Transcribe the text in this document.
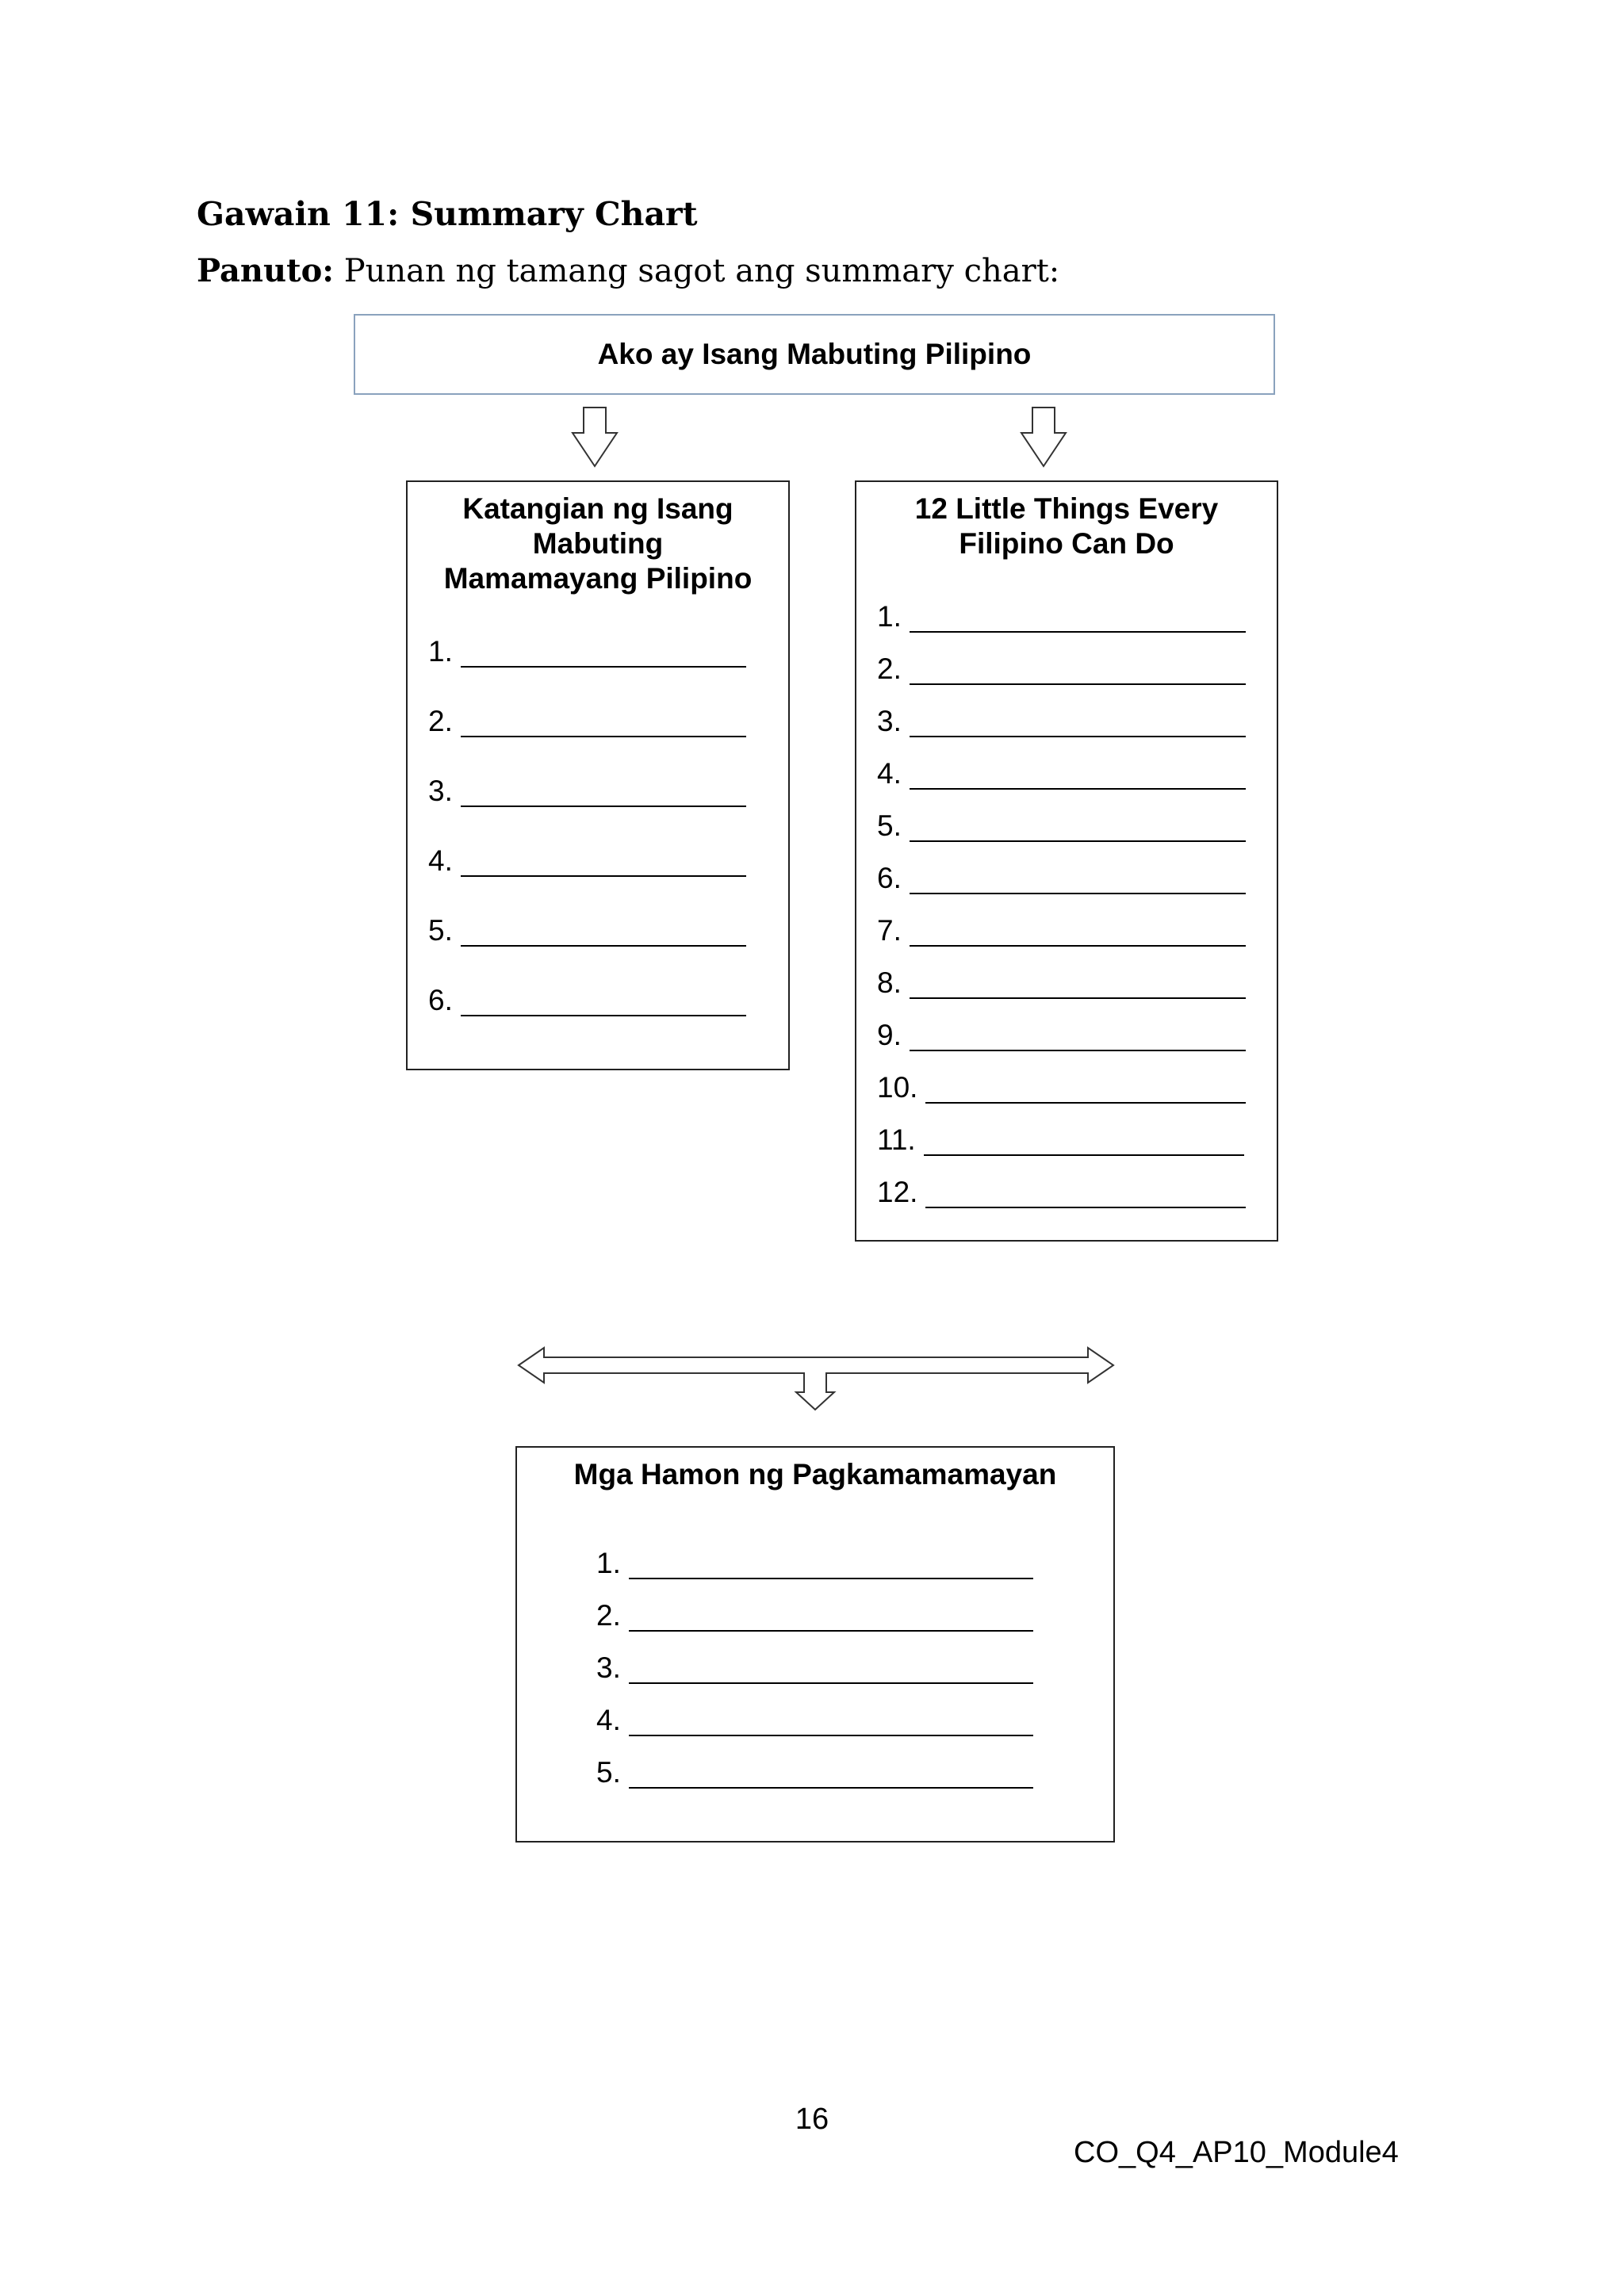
Gawain 11: Summary Chart
Panuto: Punan ng tamang sagot ang summary chart:
Ako ay Isang Mabuting Pilipino
Katangian ng Isang
Mabuting
Mamamayang Pilipino
1.
2.
3.
4.
5.
6.
12 Little Things Every
Filipino Can Do
1.
2.
3.
4.
5.
6.
7.
8.
9.
10.
11.
12.
Mga Hamon ng Pagkamamamayan
1.
2.
3.
4.
5.
16
CO_Q4_AP10_Module4
